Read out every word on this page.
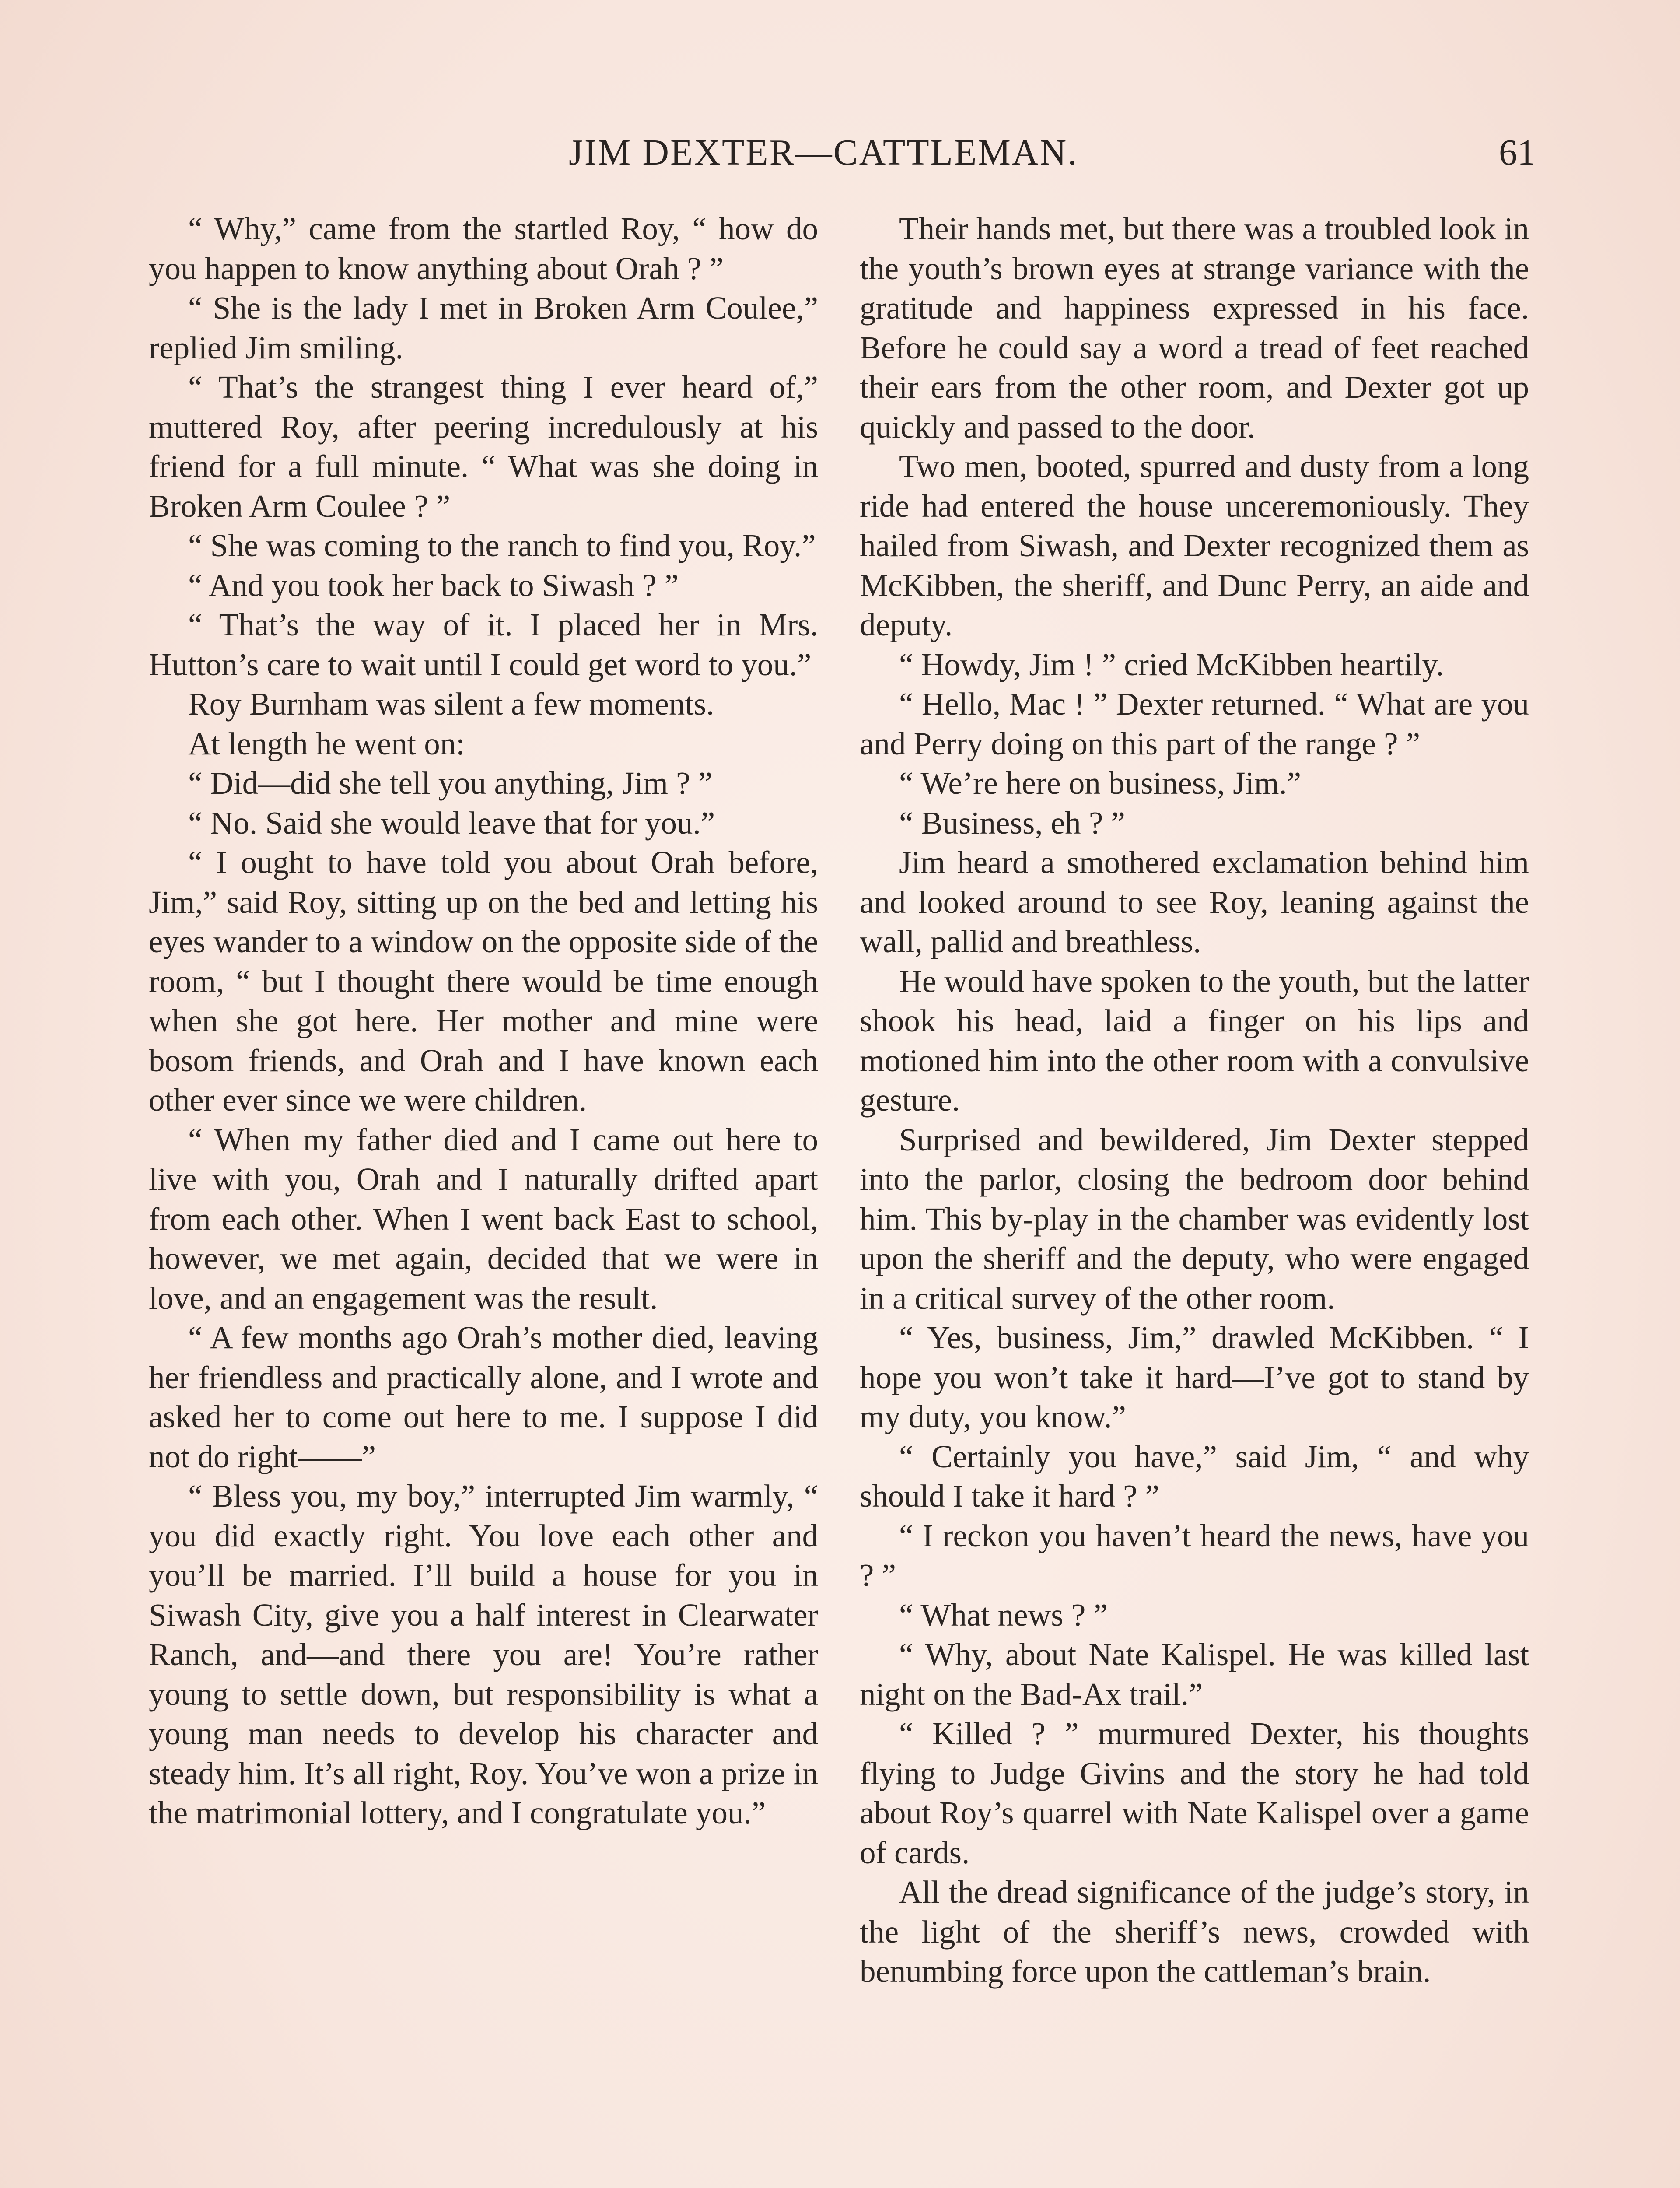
JIM DEXTER—CATTLEMAN.	61

“ Why,” came from the startled Roy, “ how do you happen to know anything about Orah ? ”

“ She is the lady I met in Broken Arm Coulee,” replied Jim smiling.

“ That’s the strangest thing I ever heard of,” muttered Roy, after peering incredulously at his friend for a full minute. “ What was she doing in Broken Arm Coulee ? ”

“ She was coming to the ranch to find you, Roy.”

“ And you took her back to Siwash ? ”

“ That’s the way of it. I placed her in Mrs. Hutton’s care to wait until I could get word to you.”

Roy Burnham was silent a few moments.

At length he went on:

“ Did—did she tell you anything, Jim ? ”

“ No. Said she would leave that for you.”

“ I ought to have told you about Orah before, Jim,” said Roy, sitting up on the bed and letting his eyes wander to a window on the opposite side of the room, “ but I thought there would be time enough when she got here. Her mother and mine were bosom friends, and Orah and I have known each other ever since we were children.

“ When my father died and I came out here to live with you, Orah and I naturally drifted apart from each other. When I went back East to school, however, we met again, decided that we were in love, and an engagement was the result.

“ A few months ago Orah’s mother died, leaving her friendless and practically alone, and I wrote and asked her to come out here to me. I suppose I did not do right——”

“ Bless you, my boy,” interrupted Jim warmly, “ you did exactly right. You love each other and you’ll be married. I’ll build a house for you in Siwash City, give you a half interest in Clearwater Ranch, and—and there you are! You’re rather young to settle down, but responsibility is what a young man needs to develop his character and steady him. It’s all right, Roy. You’ve won a prize in the matrimonial lottery, and I congratulate you.”

Their hands met, but there was a troubled look in the youth’s brown eyes at strange variance with the gratitude and happiness expressed in his face. Before he could say a word a tread of feet reached their ears from the other room, and Dexter got up quickly and passed to the door.

Two men, booted, spurred and dusty from a long ride had entered the house unceremoniously. They hailed from Siwash, and Dexter recognized them as McKibben, the sheriff, and Dunc Perry, an aide and deputy.

“ Howdy, Jim ! ” cried McKibben heartily.

“ Hello, Mac ! ” Dexter returned. “ What are you and Perry doing on this part of the range ? ”

“ We’re here on business, Jim.”

“ Business, eh ? ”

Jim heard a smothered exclamation behind him and looked around to see Roy, leaning against the wall, pallid and breathless.

He would have spoken to the youth, but the latter shook his head, laid a finger on his lips and motioned him into the other room with a convulsive gesture.

Surprised and bewildered, Jim Dexter stepped into the parlor, closing the bedroom door behind him. This by-play in the chamber was evidently lost upon the sheriff and the deputy, who were engaged in a critical survey of the other room.

“ Yes, business, Jim,” drawled McKibben. “ I hope you won’t take it hard—I’ve got to stand by my duty, you know.”

“ Certainly you have,” said Jim, “ and why should I take it hard ? ”

“ I reckon you haven’t heard the news, have you ? ”

“ What news ? ”

“ Why, about Nate Kalispel. He was killed last night on the Bad-Ax trail.”

“ Killed ? ” murmured Dexter, his thoughts flying to Judge Givins and the story he had told about Roy’s quarrel with Nate Kalispel over a game of cards.

All the dread significance of the judge’s story, in the light of the sheriff’s news, crowded with benumbing force upon the cattleman’s brain.
